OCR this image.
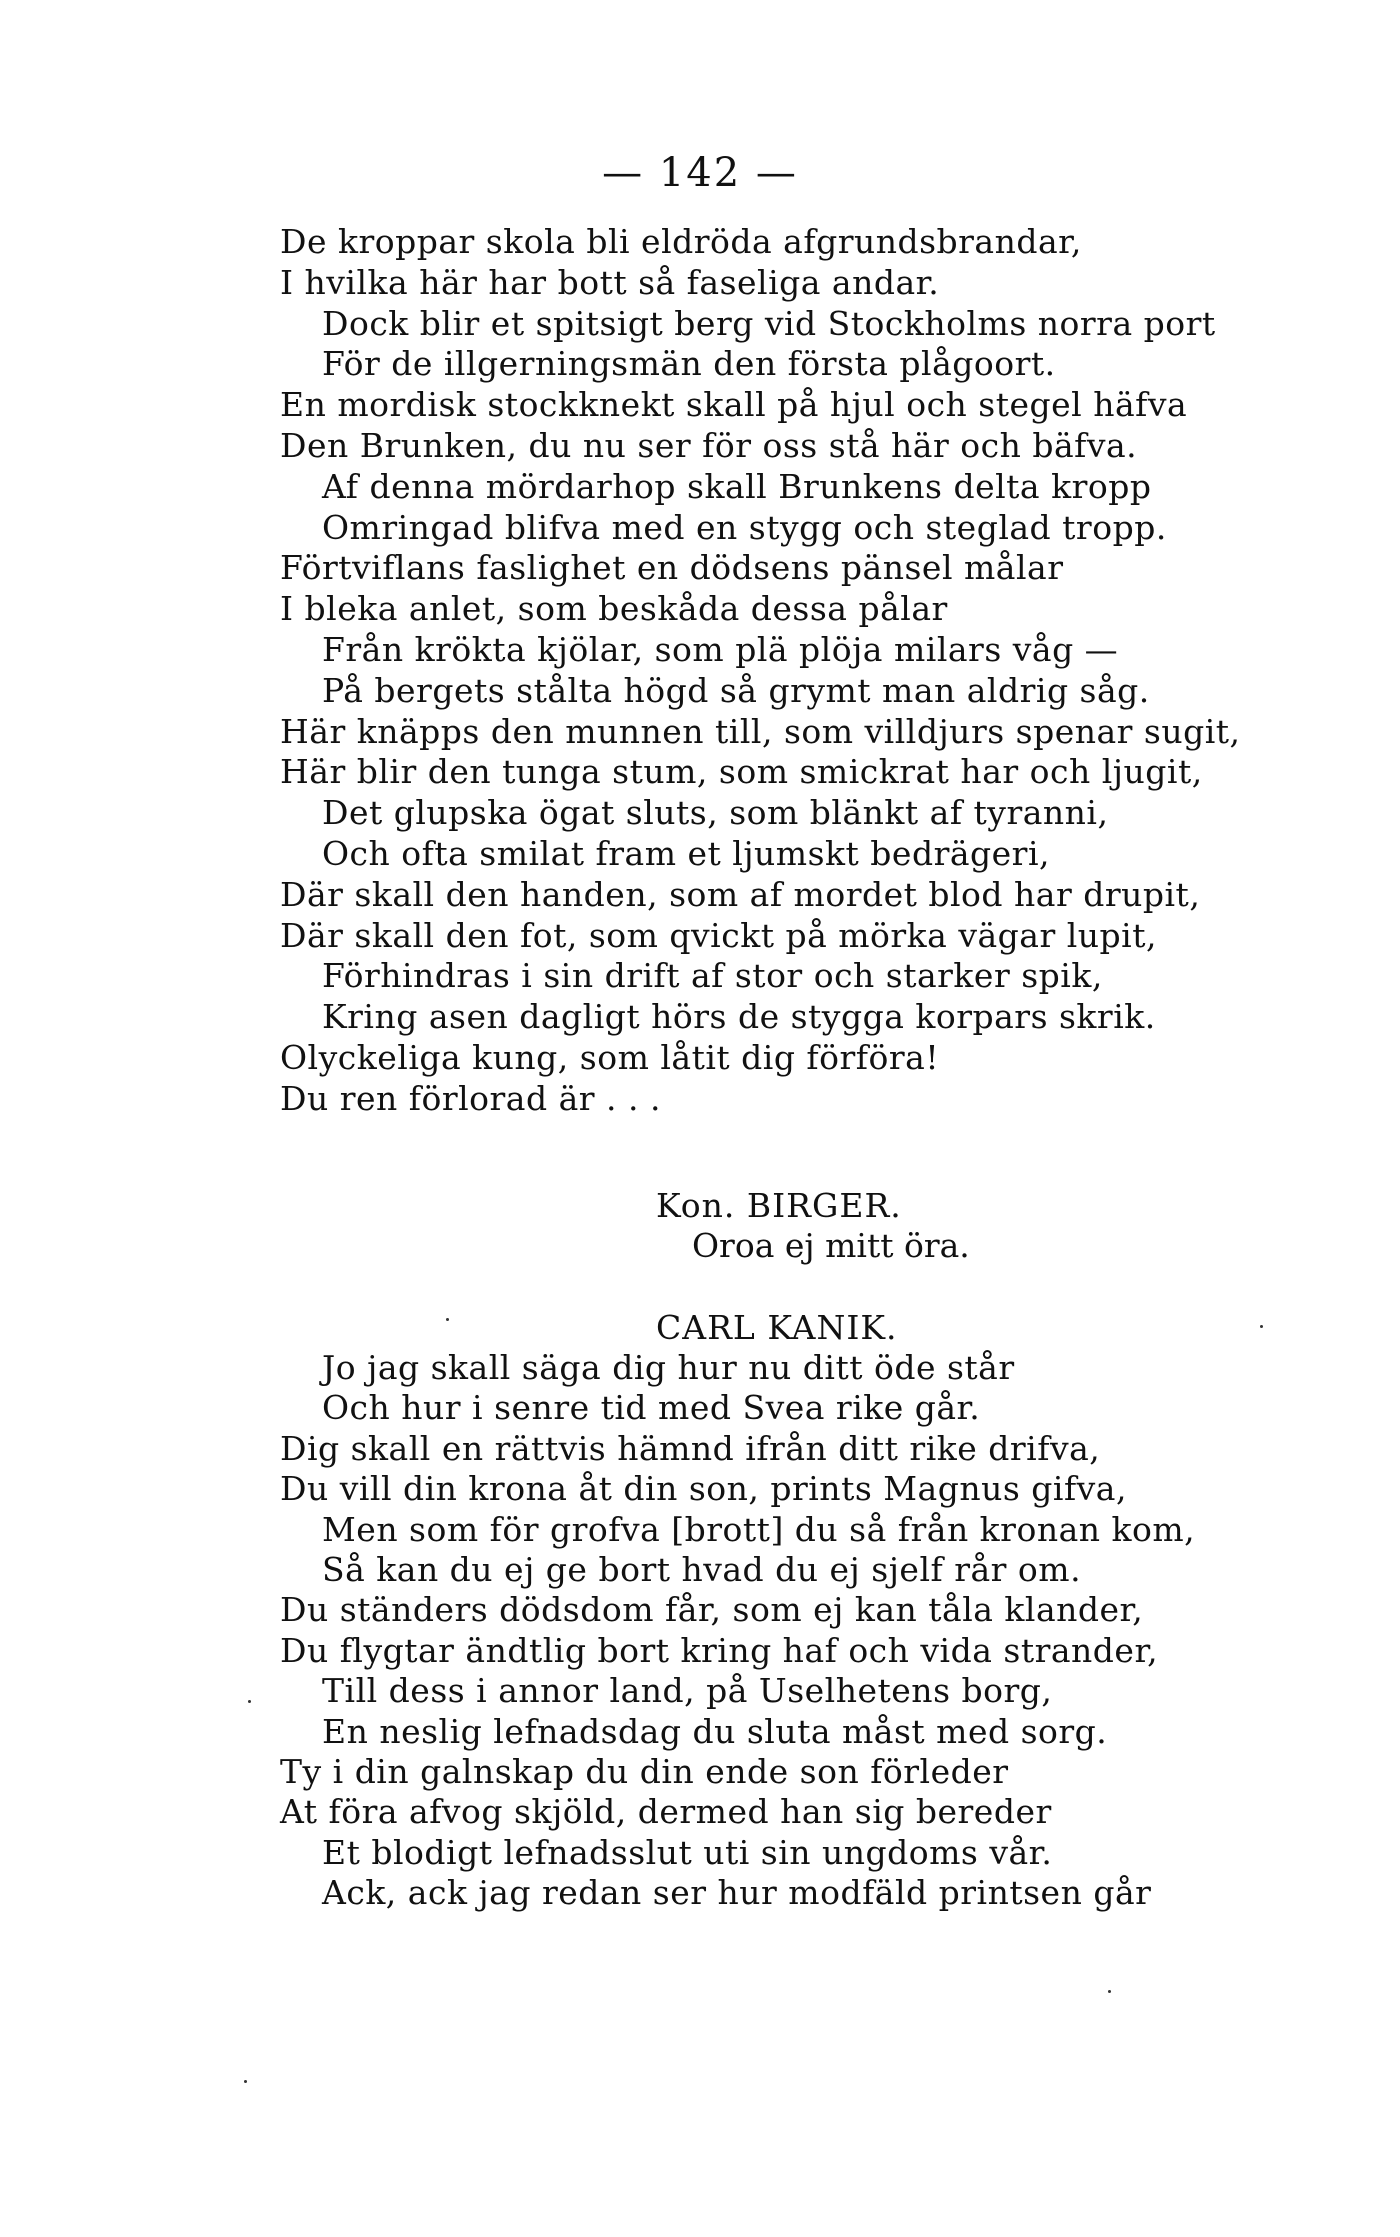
— 142 —
De kroppar skola bli eldröda afgrundsbrandar,
I hvilka här har bott så faseliga andar.
Dock blir et spitsigt berg vid Stockholms norra port
För de illgerningsmän den första plågoort.
En mordisk stockknekt skall på hjul och stegel häfva
Den Brunken, du nu ser för oss stå här och bäfva.
Af denna mördarhop skall Brunkens delta kropp
Omringad blifva med en stygg och steglad tropp.
Förtviflans faslighet en dödsens pänsel målar
I bleka anlet, som beskåda dessa pålar
Från krökta kjölar, som plä plöja milars våg —
På bergets stålta högd så grymt man aldrig såg.
Här knäpps den munnen till, som villdjurs spenar sugit,
Här blir den tunga stum, som smickrat har och ljugit,
Det glupska ögat sluts, som blänkt af tyranni,
Och ofta smilat fram et ljumskt bedrägeri,
Där skall den handen, som af mordet blod har drupit,
Där skall den fot, som qvickt på mörka vägar lupit,
Förhindras i sin drift af stor och starker spik,
Kring asen dagligt hörs de stygga korpars skrik.
Olyckeliga kung, som låtit dig förföra!
Du ren förlorad är . . .
Kon. BIRGER.
Oroa ej mitt öra.
CARL KANIK.
Jo jag skall säga dig hur nu ditt öde står
Och hur i senre tid med Svea rike går.
Dig skall en rättvis hämnd ifrån ditt rike drifva,
Du vill din krona åt din son, prints Magnus gifva,
Men som för grofva [brott] du så från kronan kom,
Så kan du ej ge bort hvad du ej sjelf rår om.
Du ständers dödsdom får, som ej kan tåla klander,
Du flygtar ändtlig bort kring haf och vida strander,
Till dess i annor land, på Uselhetens borg,
En neslig lefnadsdag du sluta måst med sorg.
Ty i din galnskap du din ende son förleder
At föra afvog skjöld, dermed han sig bereder
Et blodigt lefnadsslut uti sin ungdoms vår.
Ack, ack jag redan ser hur modfäld printsen går
